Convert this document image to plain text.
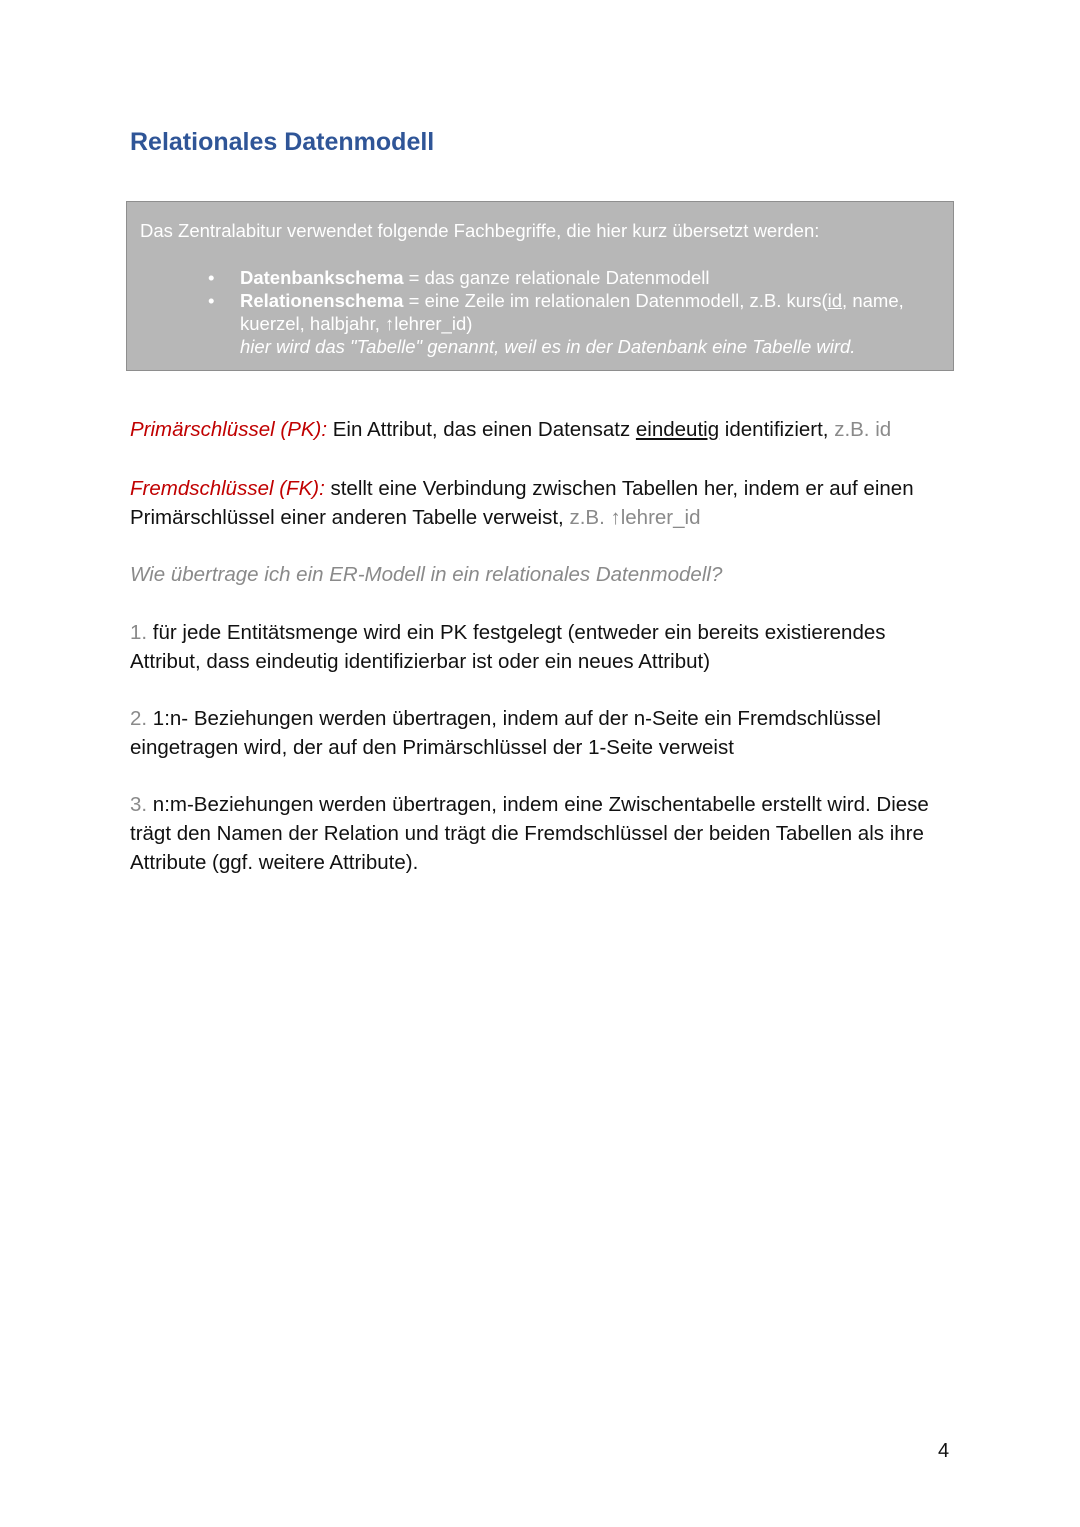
Relationales Datenmodell
Das Zentralabitur verwendet folgende Fachbegriffe, die hier kurz übersetzt werden:
• Datenbankschema = das ganze relationale Datenmodell
• Relationenschema = eine Zeile im relationalen Datenmodell, z.B. kurs(id, name, kuerzel, halbjahr, ↑lehrer_id)
hier wird das "Tabelle" genannt, weil es in der Datenbank eine Tabelle wird.

Primärschlüssel (PK): Ein Attribut, das einen Datensatz eindeutig identifiziert, z.B. id

Fremdschlüssel (FK): stellt eine Verbindung zwischen Tabellen her, indem er auf einen Primärschlüssel einer anderen Tabelle verweist, z.B. ↑lehrer_id

Wie übertrage ich ein ER-Modell in ein relationales Datenmodell?

1. für jede Entitätsmenge wird ein PK festgelegt (entweder ein bereits existierendes Attribut, dass eindeutig identifizierbar ist oder ein neues Attribut)

2. 1:n- Beziehungen werden übertragen, indem auf der n-Seite ein Fremdschlüssel eingetragen wird, der auf den Primärschlüssel der 1-Seite verweist

3. n:m-Beziehungen werden übertragen, indem eine Zwischentabelle erstellt wird. Diese trägt den Namen der Relation und trägt die Fremdschlüssel der beiden Tabellen als ihre Attribute (ggf. weitere Attribute).

4
